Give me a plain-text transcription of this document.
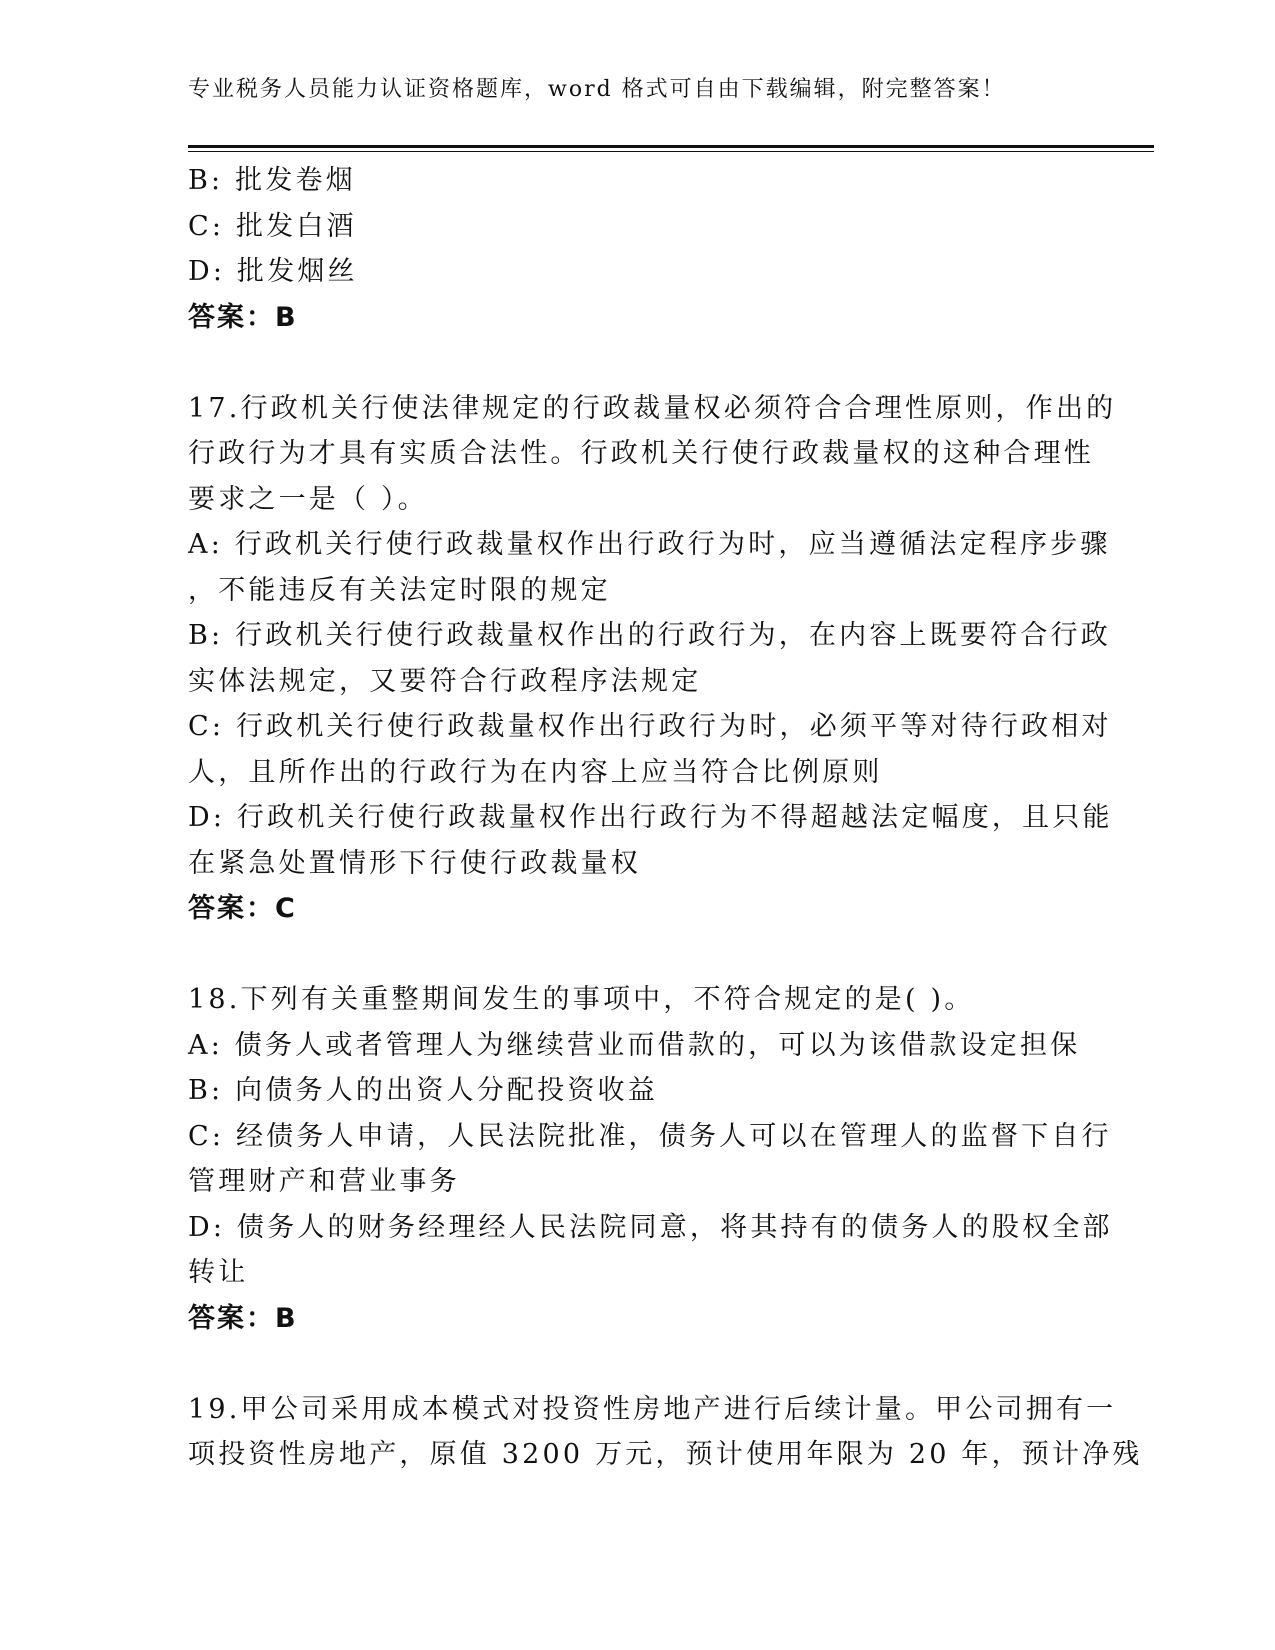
专业税务人员能力认证资格题库，word 格式可自由下载编辑，附完整答案！
B: 批发卷烟
C: 批发白酒
D: 批发烟丝
答案：B
17.行政机关行使法律规定的行政裁量权必须符合合理性原则，作出的
行政行为才具有实质合法性。行政机关行使行政裁量权的这种合理性
要求之一是（ ）。
A: 行政机关行使行政裁量权作出行政行为时，应当遵循法定程序步骤
，不能违反有关法定时限的规定
B: 行政机关行使行政裁量权作出的行政行为，在内容上既要符合行政
实体法规定，又要符合行政程序法规定
C: 行政机关行使行政裁量权作出行政行为时，必须平等对待行政相对
人，且所作出的行政行为在内容上应当符合比例原则
D: 行政机关行使行政裁量权作出行政行为不得超越法定幅度，且只能
在紧急处置情形下行使行政裁量权
答案：C
18.下列有关重整期间发生的事项中，不符合规定的是( )。
A: 债务人或者管理人为继续营业而借款的，可以为该借款设定担保
B: 向债务人的出资人分配投资收益
C: 经债务人申请，人民法院批准，债务人可以在管理人的监督下自行
管理财产和营业事务
D: 债务人的财务经理经人民法院同意，将其持有的债务人的股权全部
转让
答案：B
19.甲公司采用成本模式对投资性房地产进行后续计量。甲公司拥有一
项投资性房地产，原值 3200 万元，预计使用年限为 20 年，预计净残
